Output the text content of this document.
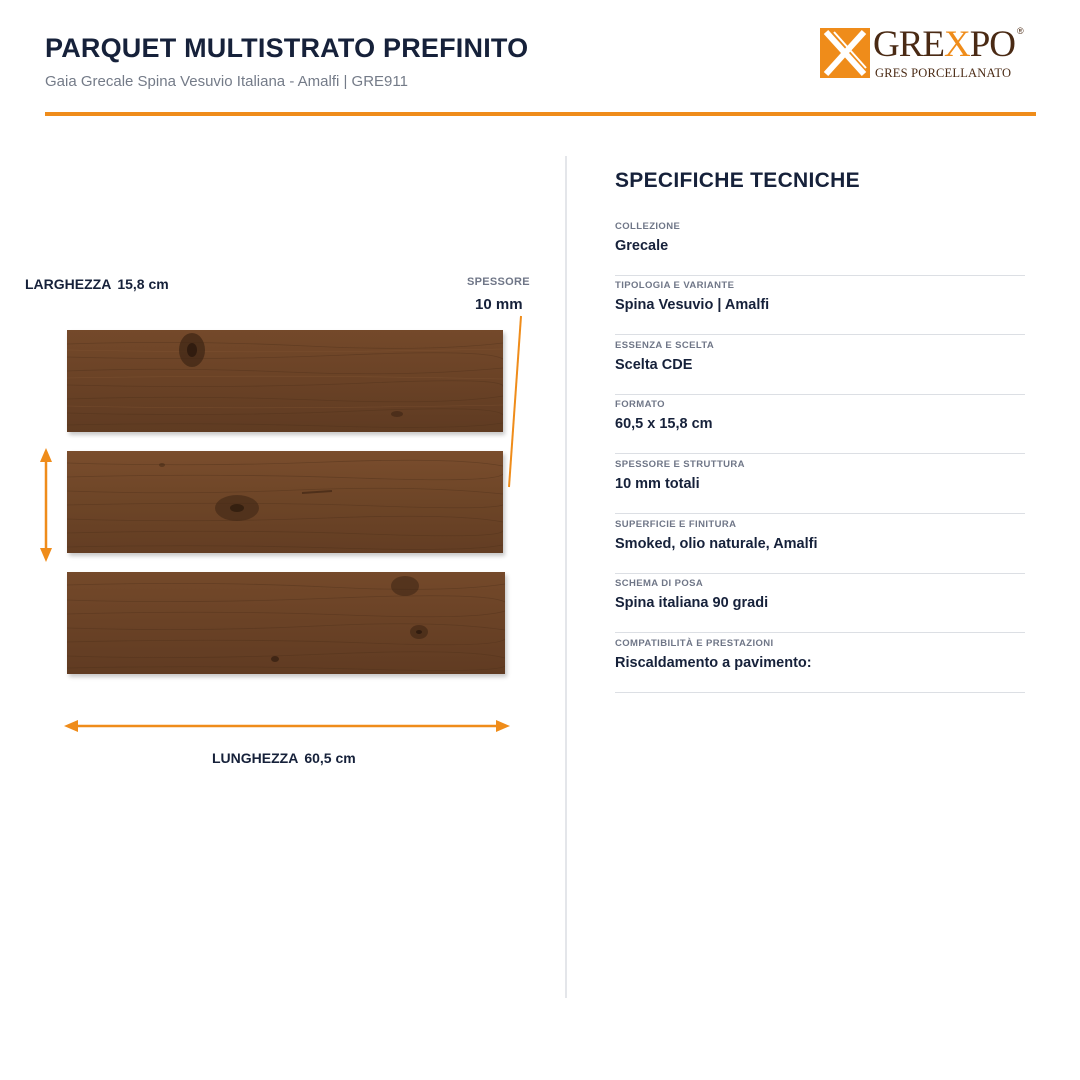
PARQUET MULTISTRATO PREFINITO
Gaia Grecale Spina Vesuvio Italiana - Amalfi | GRE911
GREXPO ®
GRES PORCELLANATO
LARGHEZZA 15,8 cm	SPESSORE
10 mm
LUNGHEZZA 60,5 cm
SPECIFICHE TECNICHE
COLLEZIONE
Grecale
TIPOLOGIA E VARIANTE
Spina Vesuvio | Amalfi
ESSENZA E SCELTA
Scelta CDE
FORMATO
60,5 x 15,8 cm
SPESSORE E STRUTTURA
10 mm totali
SUPERFICIE E FINITURA
Smoked, olio naturale, Amalfi
SCHEMA DI POSA
Spina italiana 90 gradi
COMPATIBILITÀ E PRESTAZIONI
Riscaldamento a pavimento:
